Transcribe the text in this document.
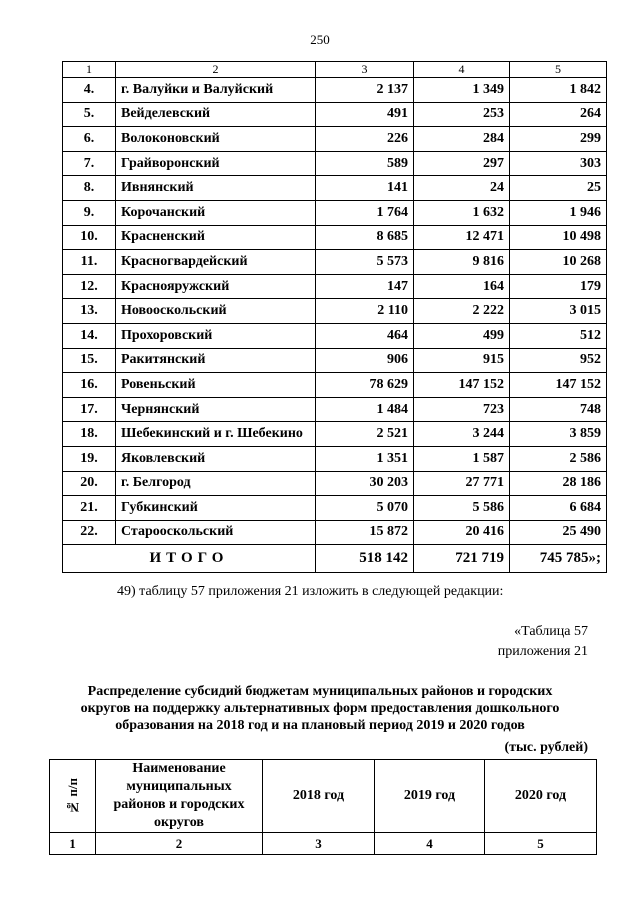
250
1	2	3	4	5
4.	г. Валуйки и Валуйский	2 137	1 349	1 842
5.	Вейделевский	491	253	264
6.	Волоконовский	226	284	299
7.	Грайворонский	589	297	303
8.	Ивнянский	141	24	25
9.	Корочанский	1 764	1 632	1 946
10.	Красненский	8 685	12 471	10 498
11.	Красногвардейский	5 573	9 816	10 268
12.	Краснояружский	147	164	179
13.	Новооскольский	2 110	2 222	3 015
14.	Прохоровский	464	499	512
15.	Ракитянский	906	915	952
16.	Ровеньский	78 629	147 152	147 152
17.	Чернянский	1 484	723	748
18.	Шебекинский и г. Шебекино	2 521	3 244	3 859
19.	Яковлевский	1 351	1 587	2 586
20.	г. Белгород	30 203	27 771	28 186
21.	Губкинский	5 070	5 586	6 684
22.	Старооскольский	15 872	20 416	25 490
ИТОГО		518 142	721 719	745 785»;
49) таблицу 57 приложения 21 изложить в следующей редакции:
«Таблица 57
приложения 21
Распределение субсидий бюджетам муниципальных районов и городских
округов на поддержку альтернативных форм предоставления дошкольного
образования на 2018 год и на плановый период 2019 и 2020 годов
(тыс. рублей)
№ п/п	Наименование муниципальных районов и городских округов	2018 год	2019 год	2020 год
1	2	3	4	5
